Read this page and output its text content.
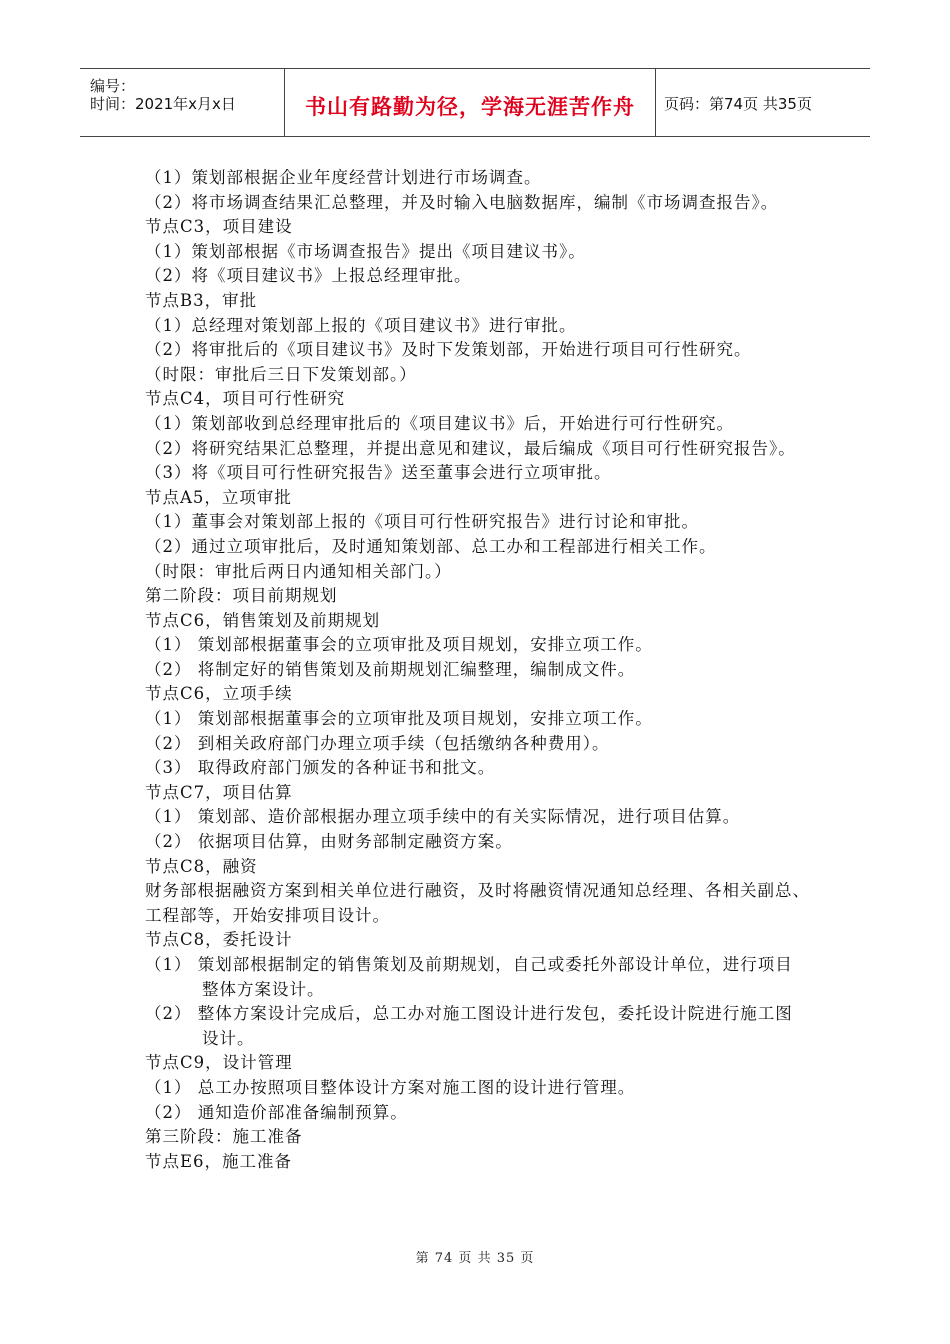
编号：
时间：2021年x月x日	书山有路勤为径，学海无涯苦作舟	页码：第74页 共35页
（1）策划部根据企业年度经营计划进行市场调查。
（2）将市场调查结果汇总整理，并及时输入电脑数据库，编制《市场调查报告》。
节点C3，项目建设
（1）策划部根据《市场调查报告》提出《项目建议书》。
（2）将《项目建议书》上报总经理审批。
节点B3，审批
（1）总经理对策划部上报的《项目建议书》进行审批。
（2）将审批后的《项目建议书》及时下发策划部，开始进行项目可行性研究。
（时限：审批后三日下发策划部。）
节点C4，项目可行性研究
（1）策划部收到总经理审批后的《项目建议书》后，开始进行可行性研究。
（2）将研究结果汇总整理，并提出意见和建议，最后编成《项目可行性研究报告》。
（3）将《项目可行性研究报告》送至董事会进行立项审批。
节点A5，立项审批
（1）董事会对策划部上报的《项目可行性研究报告》进行讨论和审批。
（2）通过立项审批后，及时通知策划部、总工办和工程部进行相关工作。
（时限：审批后两日内通知相关部门。）
第二阶段：项目前期规划
节点C6，销售策划及前期规划
（1） 策划部根据董事会的立项审批及项目规划，安排立项工作。
（2） 将制定好的销售策划及前期规划汇编整理，编制成文件。
节点C6，立项手续
（1） 策划部根据董事会的立项审批及项目规划，安排立项工作。
（2） 到相关政府部门办理立项手续（包括缴纳各种费用）。
（3） 取得政府部门颁发的各种证书和批文。
节点C7，项目估算
（1） 策划部、造价部根据办理立项手续中的有关实际情况，进行项目估算。
（2） 依据项目估算，由财务部制定融资方案。
节点C8，融资
财务部根据融资方案到相关单位进行融资，及时将融资情况通知总经理、各相关副总、工程部等，开始安排项目设计。
节点C8，委托设计
（1） 策划部根据制定的销售策划及前期规划，自己或委托外部设计单位，进行项目整体方案设计。
（2） 整体方案设计完成后，总工办对施工图设计进行发包，委托设计院进行施工图设计。
节点C9，设计管理
（1） 总工办按照项目整体设计方案对施工图的设计进行管理。
（2） 通知造价部准备编制预算。
第三阶段：施工准备
节点E6，施工准备
第 74 页 共 35 页
